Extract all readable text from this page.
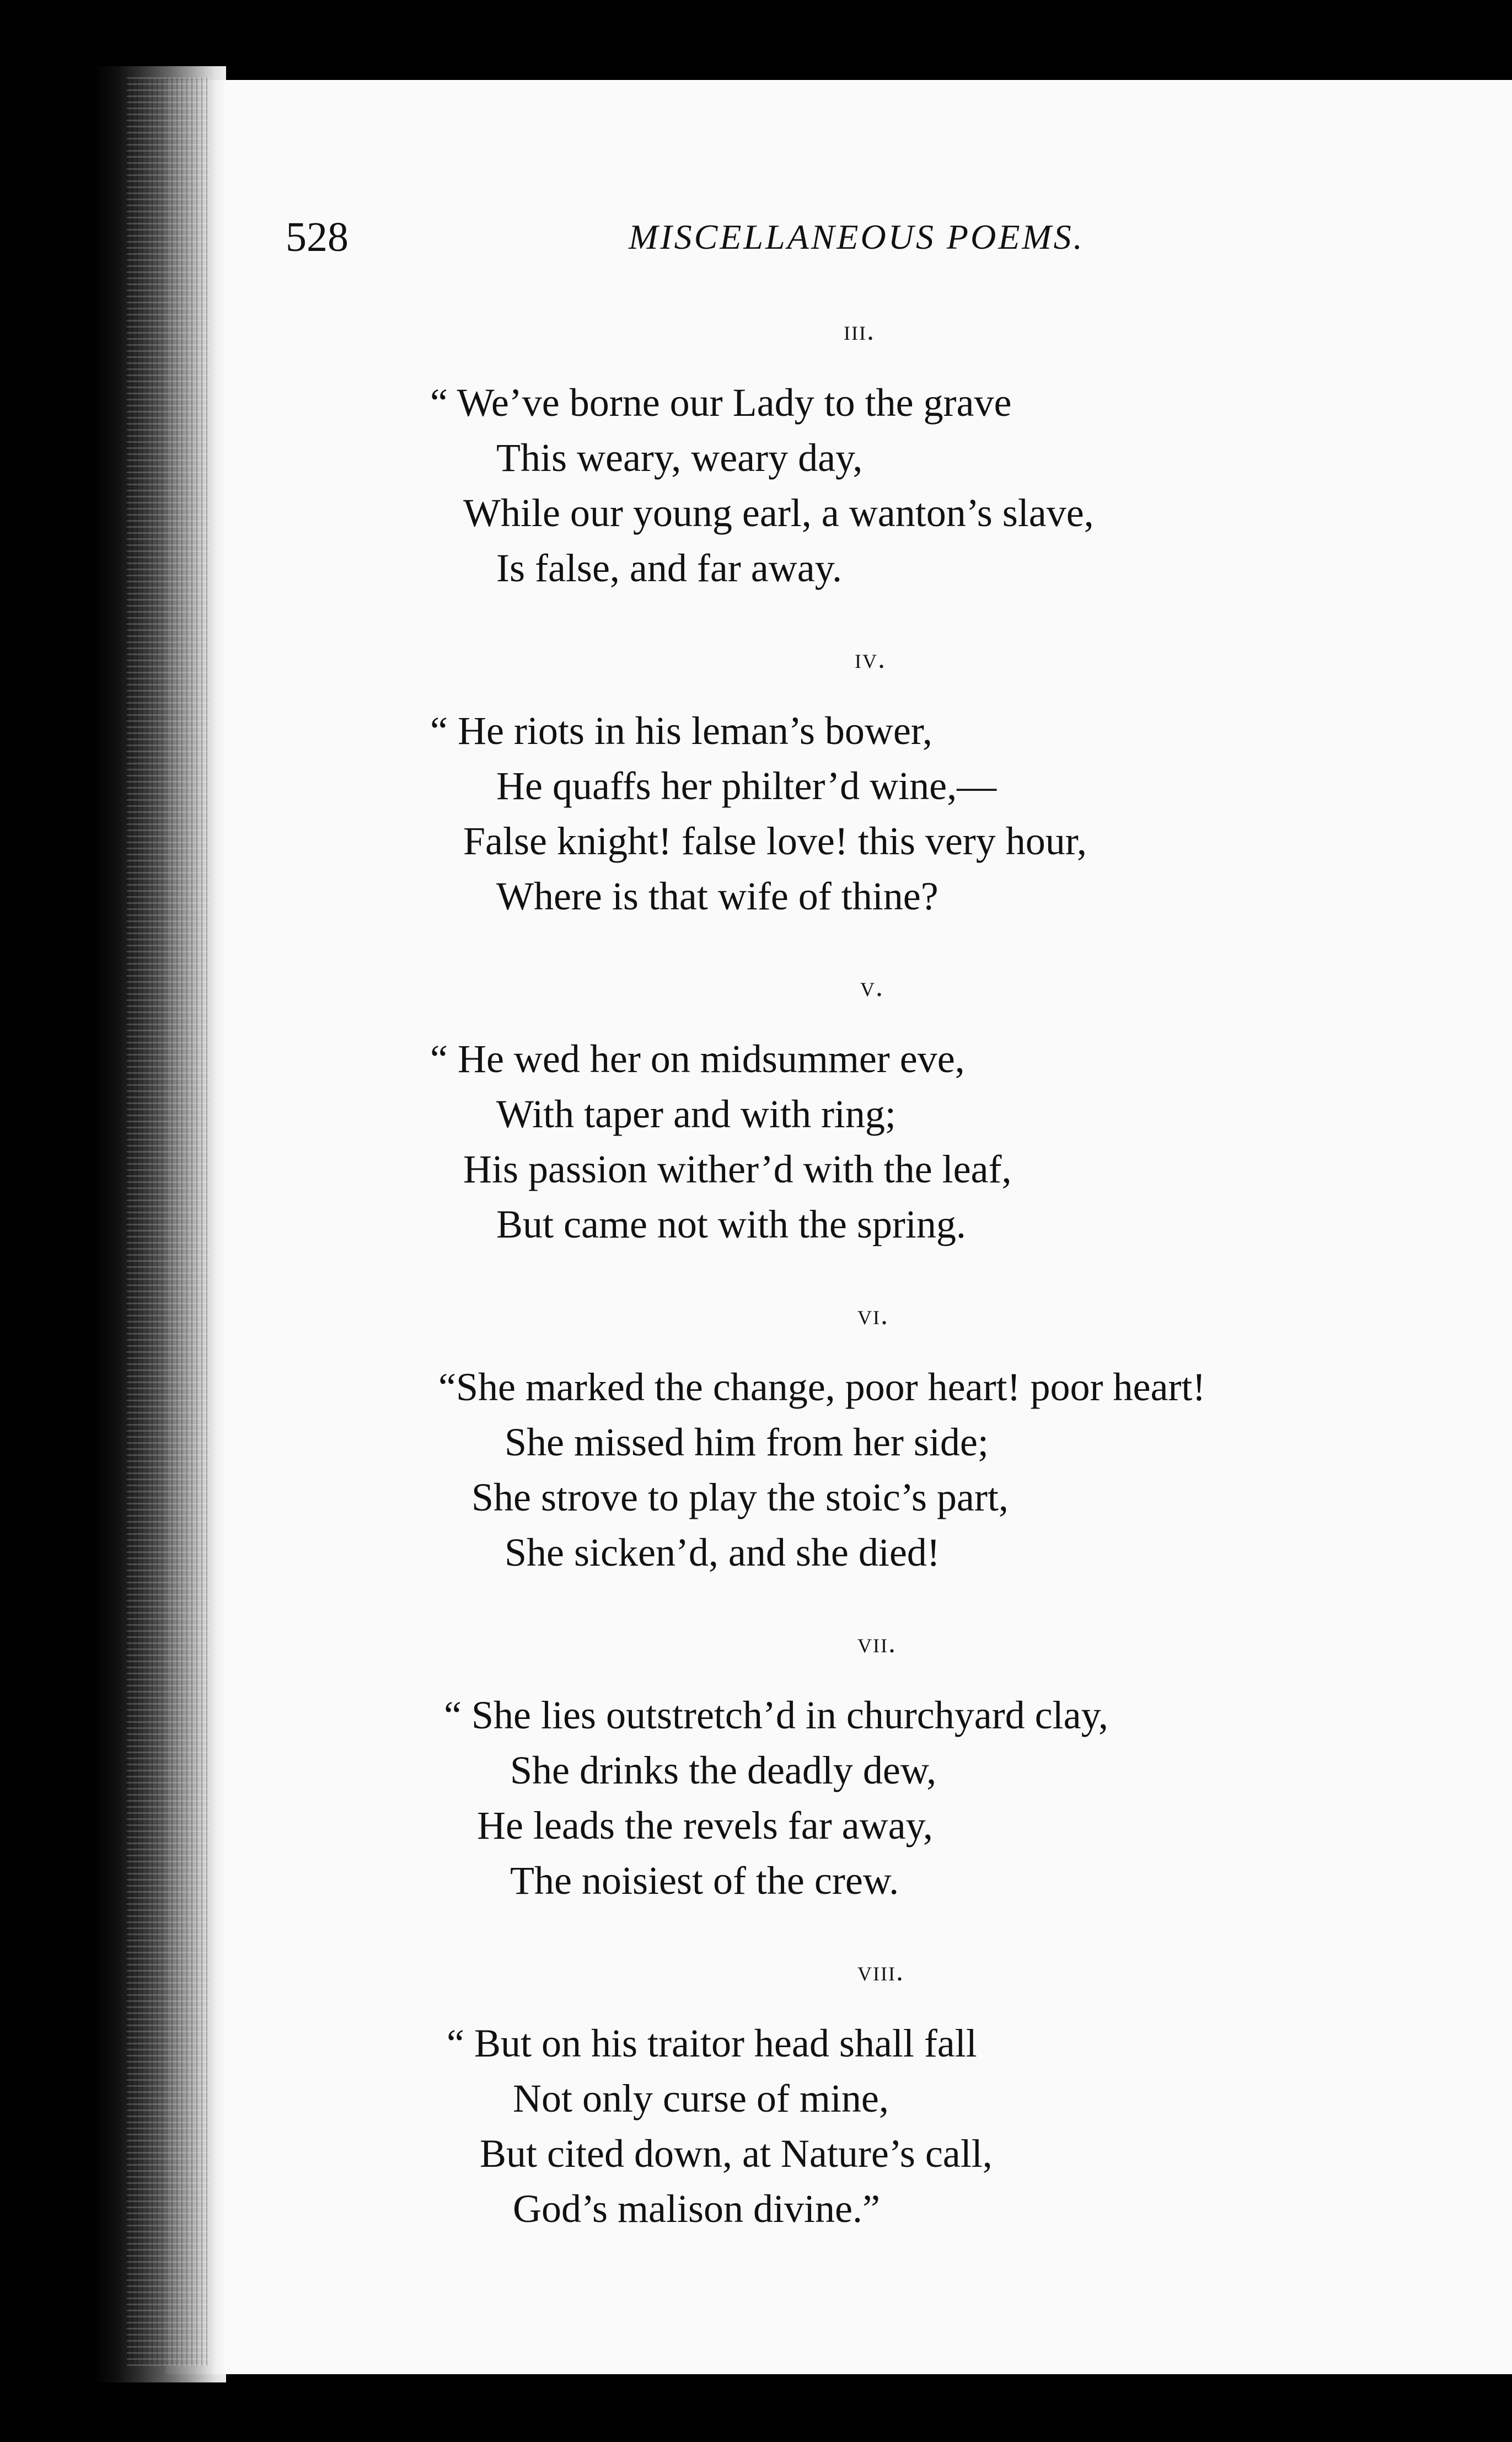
528	MISCELLANEOUS POEMS.
iii.
“ We’ve borne our Lady to the grave
This weary, weary day,
While our young earl, a wanton’s slave,
Is false, and far away.
iv.
“ He riots in his leman’s bower,
He quaffs her philter’d wine,—
False knight! false love! this very hour,
Where is that wife of thine?
v.
“ He wed her on midsummer eve,
With taper and with ring;
His passion wither’d with the leaf,
But came not with the spring.
vi.
“She marked the change, poor heart! poor heart!
She missed him from her side;
She strove to play the stoic’s part,
She sicken’d, and she died!
vii.
“ She lies outstretch’d in churchyard clay,
She drinks the deadly dew,
He leads the revels far away,
The noisiest of the crew.
viii.
“ But on his traitor head shall fall
Not only curse of mine,
But cited down, at Nature’s call,
God’s malison divine.”
